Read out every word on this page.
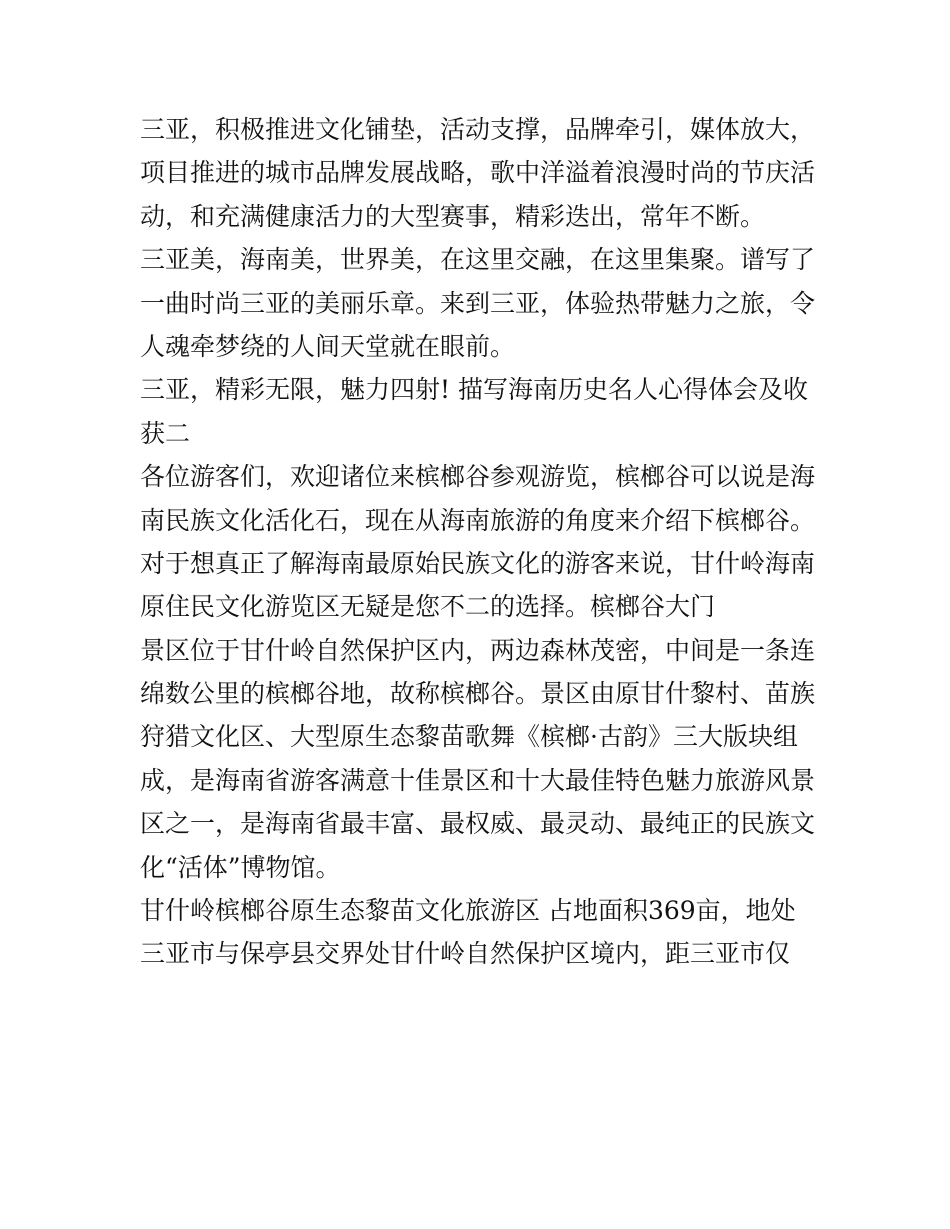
三亚，积极推进文化铺垫，活动支撑，品牌牵引，媒体放大，
项目推进的城市品牌发展战略，歌中洋溢着浪漫时尚的节庆活
动，和充满健康活力的大型赛事，精彩迭出，常年不断。
三亚美，海南美，世界美，在这里交融，在这里集聚。谱写了
一曲时尚三亚的美丽乐章。来到三亚，体验热带魅力之旅，令
人魂牵梦绕的人间天堂就在眼前。
三亚，精彩无限，魅力四射! 描写海南历史名人心得体会及收
获二
各位游客们，欢迎诸位来槟榔谷参观游览，槟榔谷可以说是海
南民族文化活化石，现在从海南旅游的角度来介绍下槟榔谷。
对于想真正了解海南最原始民族文化的游客来说，甘什岭海南
原住民文化游览区无疑是您不二的选择。槟榔谷大门
景区位于甘什岭自然保护区内，两边森林茂密，中间是一条连
绵数公里的槟榔谷地，故称槟榔谷。景区由原甘什黎村、苗族
狩猎文化区、大型原生态黎苗歌舞《槟榔·古韵》三大版块组
成，是海南省游客满意十佳景区和十大最佳特色魅力旅游风景
区之一，是海南省最丰富、最权威、最灵动、最纯正的民族文
化“活体”博物馆。
甘什岭槟榔谷原生态黎苗文化旅游区 占地面积369亩，地处
三亚市与保亭县交界处甘什岭自然保护区境内，距三亚市仅
